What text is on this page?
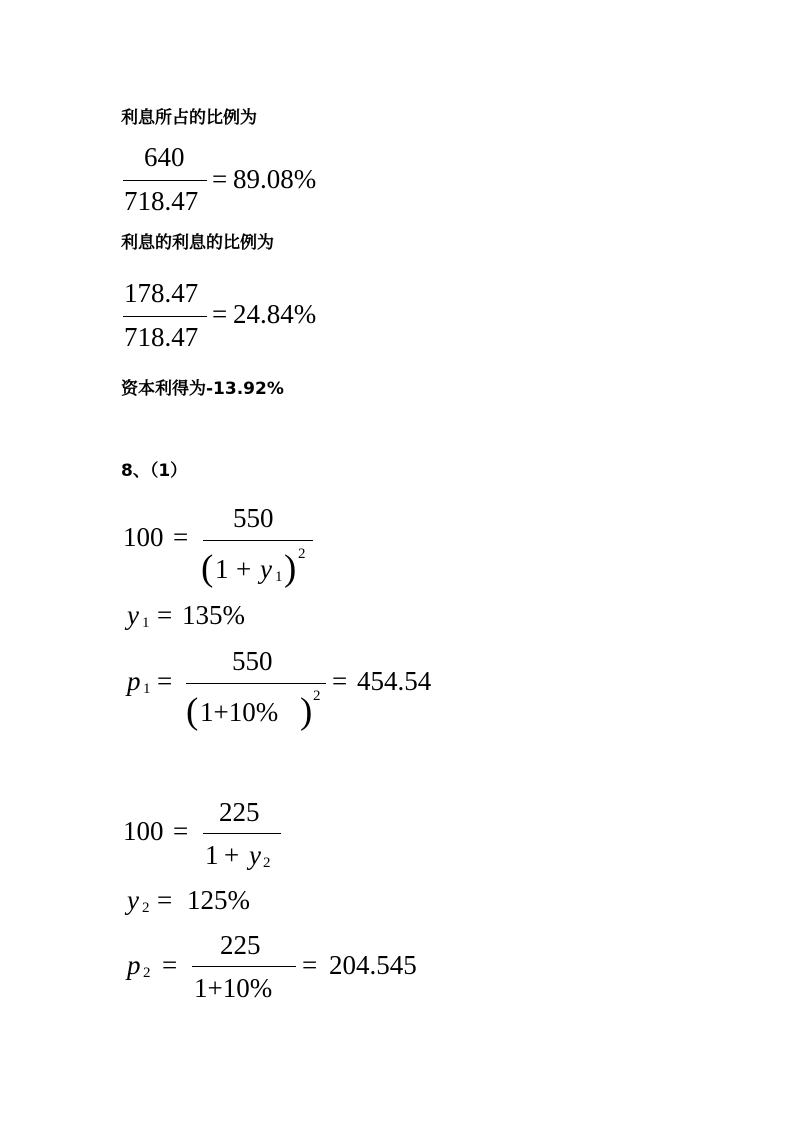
利息所占的比例为
640
718.47
= 89.08%
利息的利息的比例为
178.47
718.47
= 24.84%
资本利得为-13.92%
8、（1）
100 =
550
( 1 + y 1 ) 2
y 1 = 135%
p 1 =
550
( 1+10% ) 2 = 454.54
100 =
225
1 + y 2
y 2 = 125%
p 2 =
225
1+10%
= 204.545
